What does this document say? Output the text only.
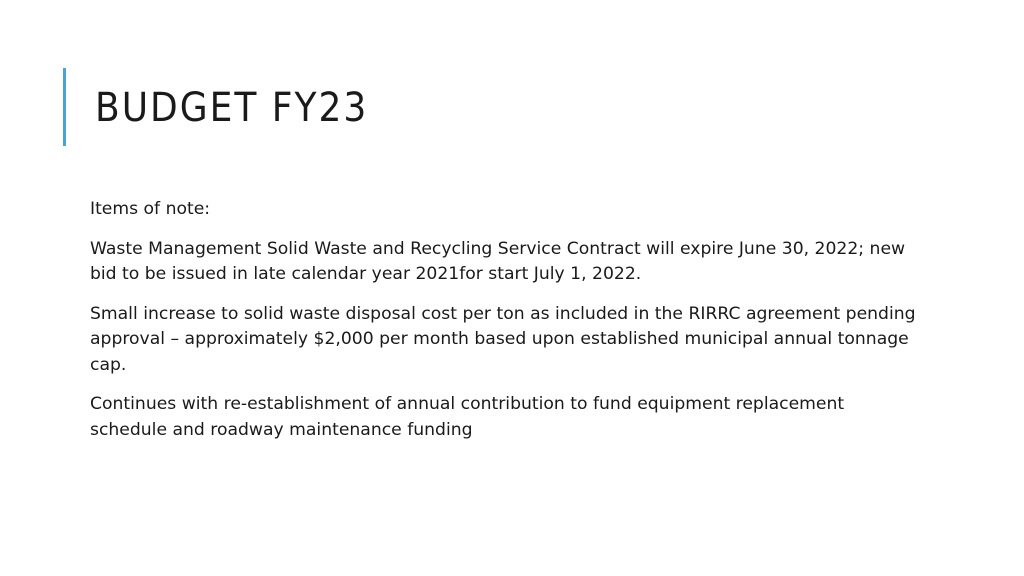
BUDGET FY23

Items of note:

Waste Management Solid Waste and Recycling Service Contract will expire June 30, 2022; new bid to be issued in late calendar year 2021for start July 1, 2022.

Small increase to solid waste disposal cost per ton as included in the RIRRC agreement pending approval – approximately $2,000 per month based upon established municipal annual tonnage cap.

Continues with re-establishment of annual contribution to fund equipment replacement schedule and roadway maintenance funding
